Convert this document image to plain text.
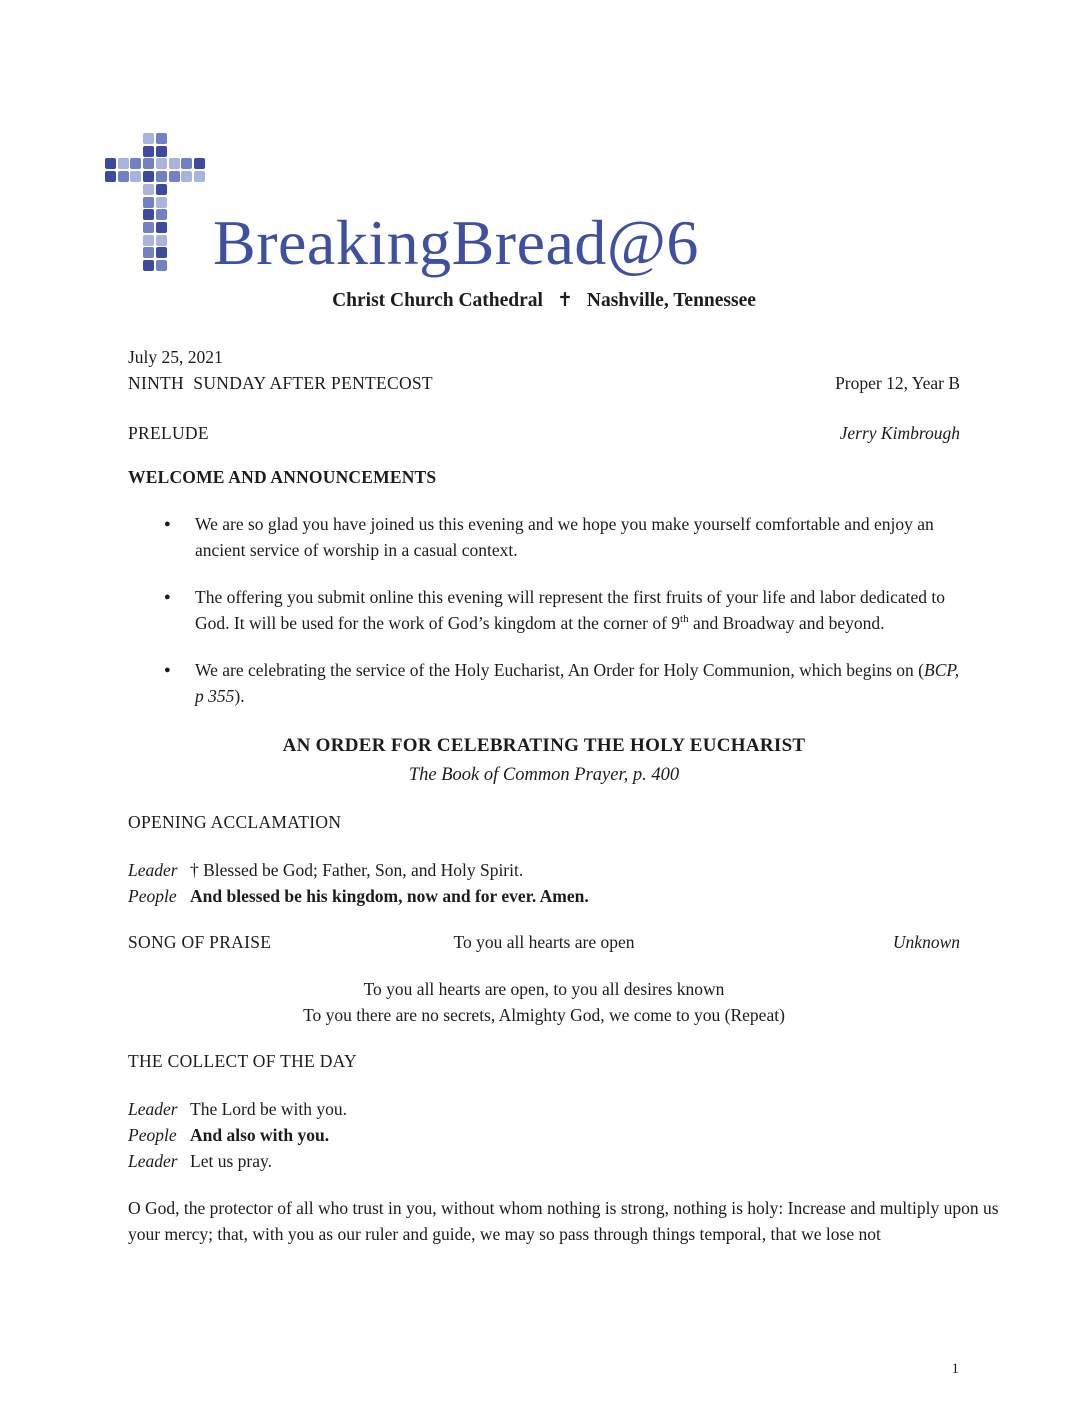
BreakingBread@6
Christ Church Cathedral ✝ Nashville, Tennessee
July 25, 2021
NINTH  SUNDAY AFTER PENTECOST	Proper 12, Year B
PRELUDE	Jerry Kimbrough
WELCOME AND ANNOUNCEMENTS
● We are so glad you have joined us this evening and we hope you make yourself comfortable and enjoy an ancient service of worship in a casual context.
● The offering you submit online this evening will represent the first fruits of your life and labor dedicated to God. It will be used for the work of God’s kingdom at the corner of 9th and Broadway and beyond.
● We are celebrating the service of the Holy Eucharist, An Order for Holy Communion, which begins on (BCP,  p 355).
AN ORDER FOR CELEBRATING THE HOLY EUCHARIST
The Book of Common Prayer, p. 400
OPENING ACCLAMATION
Leader † Blessed be God; Father, Son, and Holy Spirit.
People And blessed be his kingdom, now and for ever. Amen.
SONG OF PRAISE	To you all hearts are open	Unknown
To you all hearts are open, to you all desires known
To you there are no secrets, Almighty God, we come to you (Repeat)
THE COLLECT OF THE DAY
Leader The Lord be with you.
People And also with you.
Leader Let us pray.
O God, the protector of all who trust in you, without whom nothing is strong, nothing is holy: Increase and multiply upon us your mercy; that, with you as our ruler and guide, we may so pass through things temporal, that we lose not
1
